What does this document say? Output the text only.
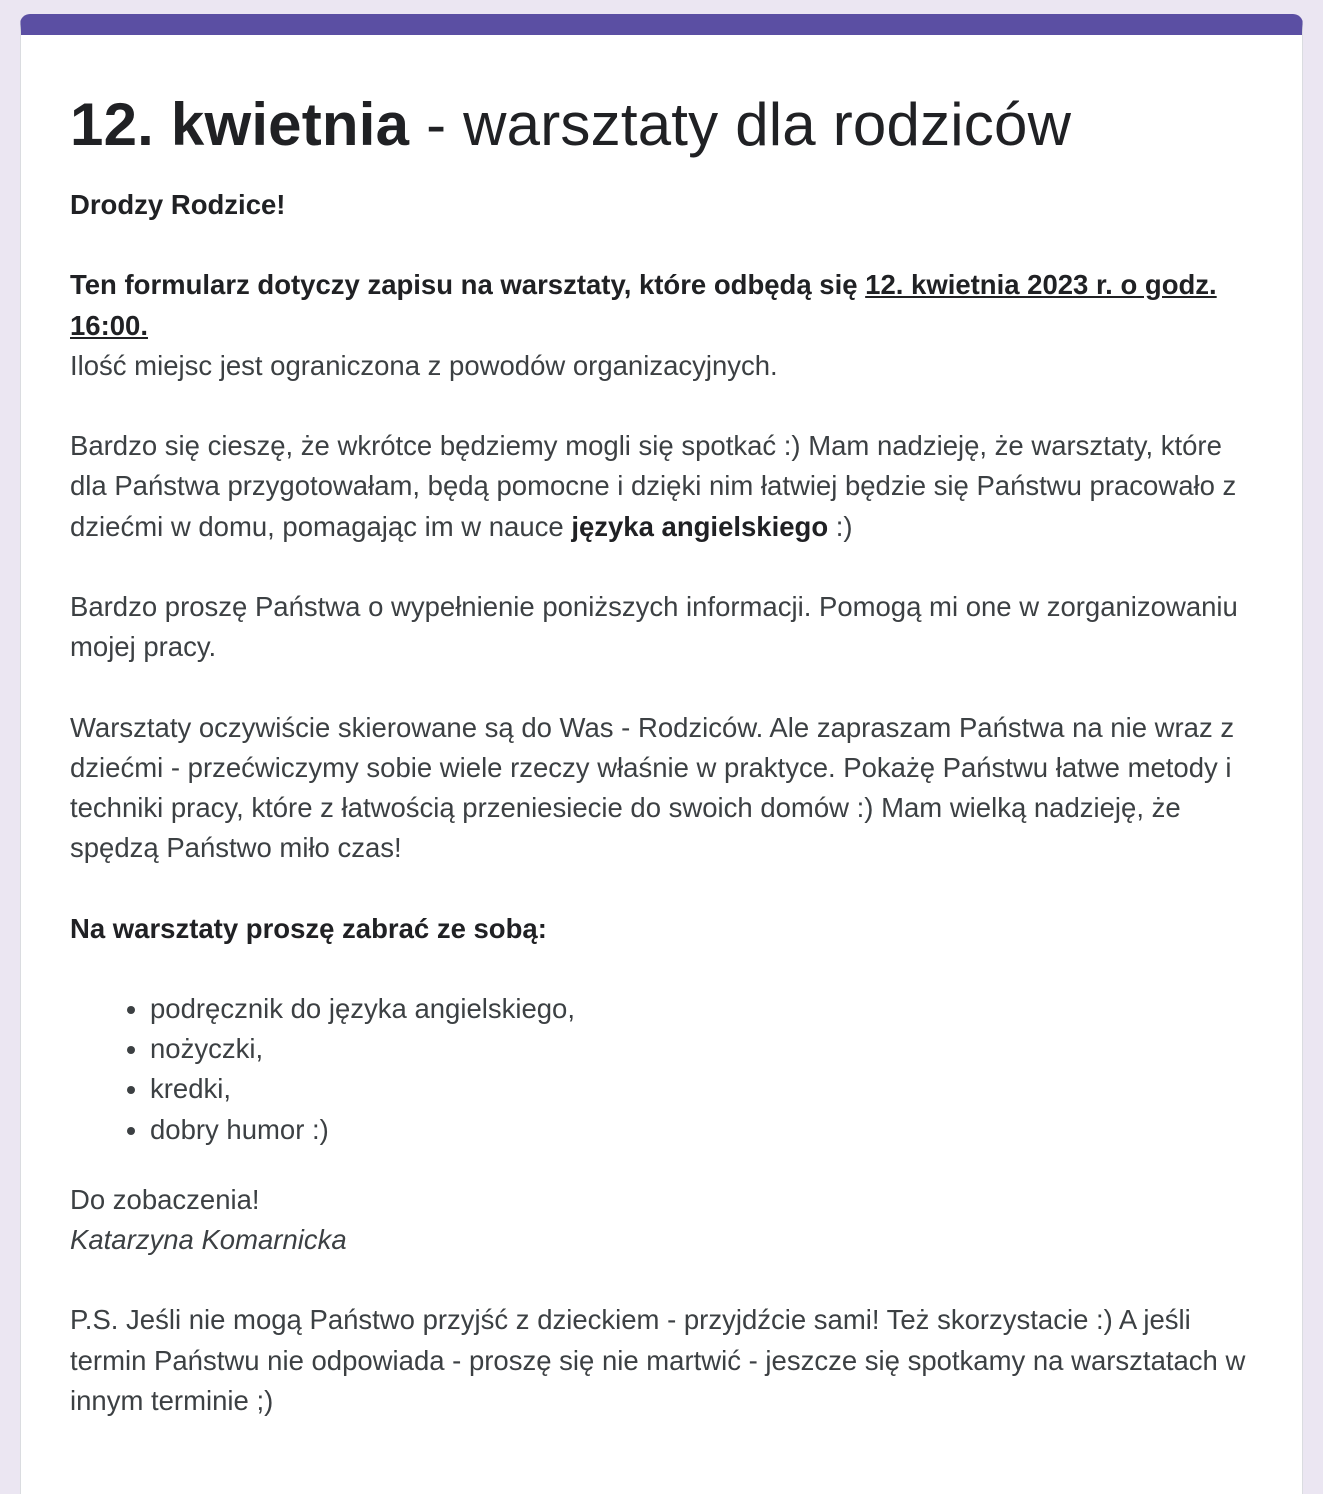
12. kwietnia - warsztaty dla rodziców

Drodzy Rodzice!

Ten formularz dotyczy zapisu na warsztaty, które odbędą się 12. kwietnia 2023 r. o godz. 16:00.
Ilość miejsc jest ograniczona z powodów organizacyjnych.

Bardzo się cieszę, że wkrótce będziemy mogli się spotkać :) Mam nadzieję, że warsztaty, które dla Państwa przygotowałam, będą pomocne i dzięki nim łatwiej będzie się Państwu pracowało z dziećmi w domu, pomagając im w nauce języka angielskiego :)

Bardzo proszę Państwa o wypełnienie poniższych informacji. Pomogą mi one w zorganizowaniu mojej pracy.

Warsztaty oczywiście skierowane są do Was - Rodziców. Ale zapraszam Państwa na nie wraz z dziećmi - przećwiczymy sobie wiele rzeczy właśnie w praktyce. Pokażę Państwu łatwe metody i techniki pracy, które z łatwością przeniesiecie do swoich domów :) Mam wielką nadzieję, że spędzą Państwo miło czas!

Na warsztaty proszę zabrać ze sobą:

• podręcznik do języka angielskiego,
• nożyczki,
• kredki,
• dobry humor :)

Do zobaczenia!
Katarzyna Komarnicka

P.S. Jeśli nie mogą Państwo przyjść z dzieckiem - przyjdźcie sami! Też skorzystacie :) A jeśli termin Państwu nie odpowiada - proszę się nie martwić - jeszcze się spotkamy na warsztatach w innym terminie ;)
